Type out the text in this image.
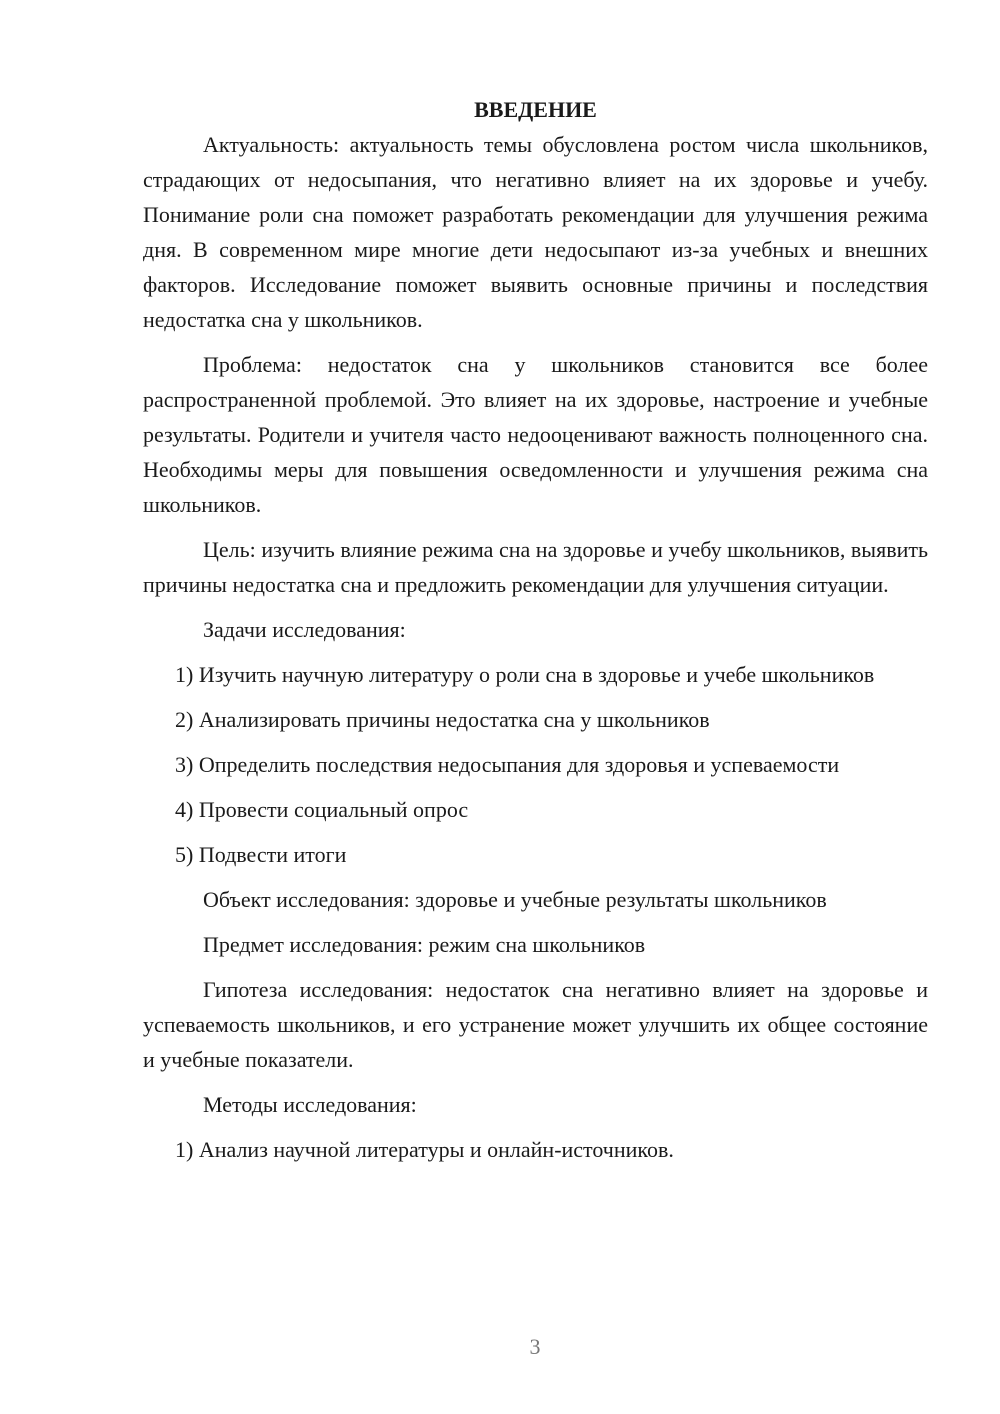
ВВЕДЕНИЕ

Актуальность: актуальность темы обусловлена ростом числа школьников, страдающих от недосыпания, что негативно влияет на их здоровье и учебу. Понимание роли сна поможет разработать рекомендации для улучшения режима дня. В современном мире многие дети недосыпают из-за учебных и внешних факторов. Исследование поможет выявить основные причины и последствия недостатка сна у школьников.

Проблема: недостаток сна у школьников становится все более распространенной проблемой. Это влияет на их здоровье, настроение и учебные результаты. Родители и учителя часто недооценивают важность полноценного сна. Необходимы меры для повышения осведомленности и улучшения режима сна школьников.

Цель: изучить влияние режима сна на здоровье и учебу школьников, выявить причины недостатка сна и предложить рекомендации для улучшения ситуации.

Задачи исследования:

1) Изучить научную литературу о роли сна в здоровье и учебе школьников

2) Анализировать причины недостатка сна у школьников

3) Определить последствия недосыпания для здоровья и успеваемости

4) Провести социальный опрос

5) Подвести итоги

Объект исследования: здоровье и учебные результаты школьников

Предмет исследования: режим сна школьников

Гипотеза исследования: недостаток сна негативно влияет на здоровье и успеваемость школьников, и его устранение может улучшить их общее состояние и учебные показатели.

Методы исследования:

1) Анализ научной литературы и онлайн-источников.

3
